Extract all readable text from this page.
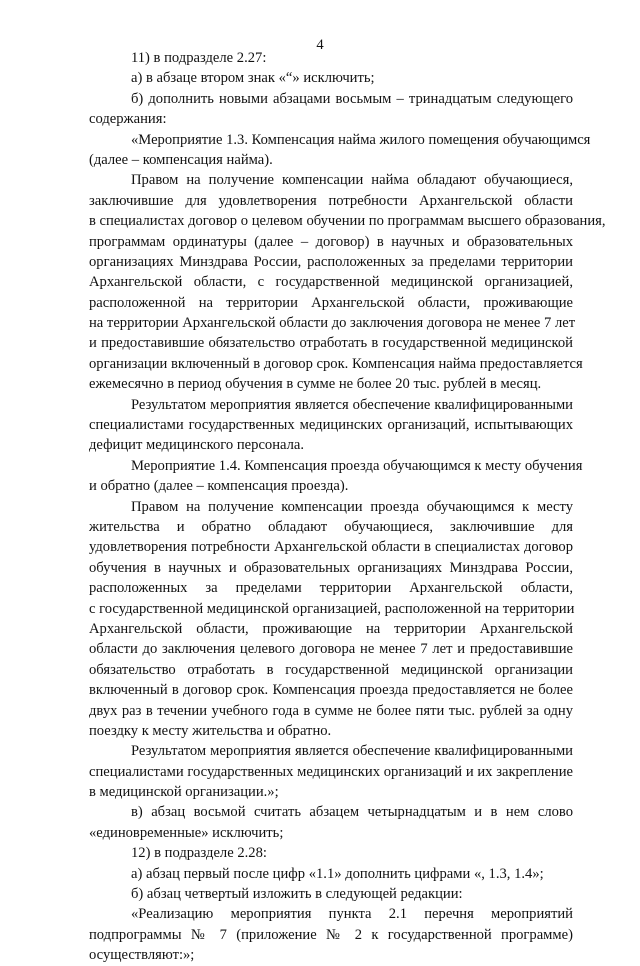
4
11) в подразделе 2.27:
а) в абзаце втором знак «“» исключить;
б) дополнить новыми абзацами восьмым – тринадцатым следующего
содержания:
«Мероприятие 1.3. Компенсация найма жилого помещения обучающимся
(далее – компенсация найма).
Правом на получение компенсации найма обладают обучающиеся,
заключившие для удовлетворения потребности Архангельской области
в специалистах договор о целевом обучении по программам высшего образования,
программам ординатуры (далее – договор) в научных и образовательных
организациях Минздрава России, расположенных за пределами территории
Архангельской области, с государственной медицинской организацией,
расположенной на территории Архангельской области, проживающие
на территории Архангельской области до заключения договора не менее 7 лет
и предоставившие обязательство отработать в государственной медицинской
организации включенный в договор срок. Компенсация найма предоставляется
ежемесячно в период обучения в сумме не более 20 тыс. рублей в месяц.
Результатом мероприятия является обеспечение квалифицированными
специалистами государственных медицинских организаций, испытывающих
дефицит медицинского персонала.
Мероприятие 1.4. Компенсация проезда обучающимся к месту обучения
и обратно (далее – компенсация проезда).
Правом на получение компенсации проезда обучающимся к месту
жительства и обратно обладают обучающиеся, заключившие для
удовлетворения потребности Архангельской области в специалистах договор
обучения в научных и образовательных организациях Минздрава России,
расположенных за пределами территории Архангельской области,
с государственной медицинской организацией, расположенной на территории
Архангельской области, проживающие на территории Архангельской
области до заключения целевого договора не менее 7 лет и предоставившие
обязательство отработать в государственной медицинской организации
включенный в договор срок. Компенсация проезда предоставляется не более
двух раз в течении учебного года в сумме не более пяти тыс. рублей за одну
поездку к месту жительства и обратно.
Результатом мероприятия является обеспечение квалифицированными
специалистами государственных медицинских организаций и их закрепление
в медицинской организации.»;
в) абзац восьмой считать абзацем четырнадцатым и в нем слово
«единовременные» исключить;
12) в подразделе 2.28:
а) абзац первый после цифр «1.1» дополнить цифрами «, 1.3, 1.4»;
б) абзац четвертый изложить в следующей редакции:
«Реализацию мероприятия пункта 2.1 перечня мероприятий
подпрограммы № 7 (приложение № 2 к государственной программе)
осуществляют:»;
